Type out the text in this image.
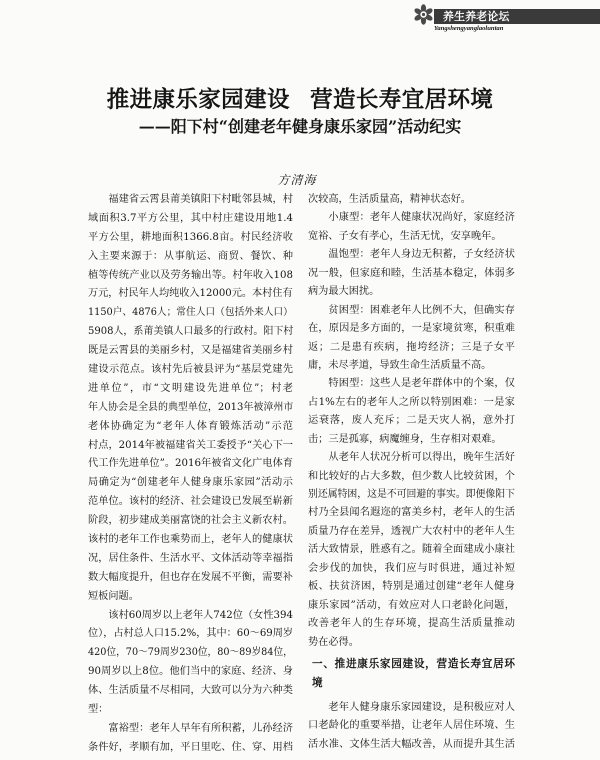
养生养老论坛
Yangshengyanglaoluntan
推进康乐家园建设 营造长寿宜居环境
——阳下村“创建老年健身康乐家园”活动纪实
方清海
福建省云霄县莆美镇阳下村毗邻县城，村
域面积3.7平方公里，其中村庄建设用地1.4
平方公里，耕地面积1366.8亩。村民经济收
入主要来源于：从事航运、商贸、餐饮、种
植等传统产业以及劳务输出等。村年收入108
万元，村民年人均纯收入12000元。本村住有
1150户、4876人；常住人口（包括外来人口）
5908人，系莆美镇人口最多的行政村。阳下村
既是云霄县的美丽乡村，又是福建省美丽乡村
建设示范点。该村先后被县评为“基层党建先
进单位”，市“文明建设先进单位”；村老
年人协会是全县的典型单位，2013年被漳州市
老体协确定为“老年人体育锻炼活动”示范
村点，2014年被福建省关工委授予“关心下一
代工作先进单位”。2016年被省文化广电体育
局确定为“创建老年人健身康乐家园”活动示
范单位。该村的经济、社会建设已发展至崭新
阶段，初步建成美丽富饶的社会主义新农村。
该村的老年工作也乘势而上，老年人的健康状
况，居住条件、生活水平、文体活动等幸福指
数大幅度提升，但也存在发展不平衡，需要补
短板问题。
该村60周岁以上老年人742位（女性394
位），占村总人口15.2%，其中：60～69周岁
420位，70～79周岁230位，80～89岁84位，
90周岁以上8位。他们当中的家庭、经济、身
体、生活质量不尽相同，大致可以分为六种类
型：
富裕型：老年人早年有所积蓄，儿孙经济
条件好，孝顺有加，平日里吃、住、穿、用档
次较高，生活质量高，精神状态好。
小康型：老年人健康状况尚好，家庭经济
宽裕、子女有孝心，生活无忧，安享晚年。
温饱型：老年人身边无积蓄，子女经济状
况一般，但家庭和睦，生活基本稳定，体弱多
病为最大困扰。
贫困型：困难老年人比例不大，但确实存
在，原因是多方面的，一是家境贫寒，积重难
返；二是患有疾病，拖垮经济；三是子女平
庸，未尽孝道，导致生命生活质量不高。
特困型：这些人是老年群体中的个案，仅
占1%左右的老年人之所以特别困难：一是家
运衰落，废人充斥；二是天灾人祸，意外打
击；三是孤寡，病魔缠身，生存相对艰难。
从老年人状况分析可以得出，晚年生活好
和比较好的占大多数，但少数人比较贫困，个
别还属特困，这是不可回避的事实。即便像阳下
村乃全县闻名遐迩的富美乡村，老年人的生活
质量乃存在差异，透视广大农村中的老年人生
活大致情景，胜惑有之。随着全面建成小康社
会步伐的加快，我们应与时俱进，通过补短
板、扶贫济困，特别是通过创建“老年人健身
康乐家园”活动，有效应对人口老龄化问题，
改善老年人的生存环境，提高生活质量推动
势在必得。
一、推进康乐家园建设，营造长寿宜居环
境
老年人健身康乐家园建设，是积极应对人
口老龄化的重要举措，让老年人居住环境、生
活水准、文体生活大幅改善，从而提升其生活
